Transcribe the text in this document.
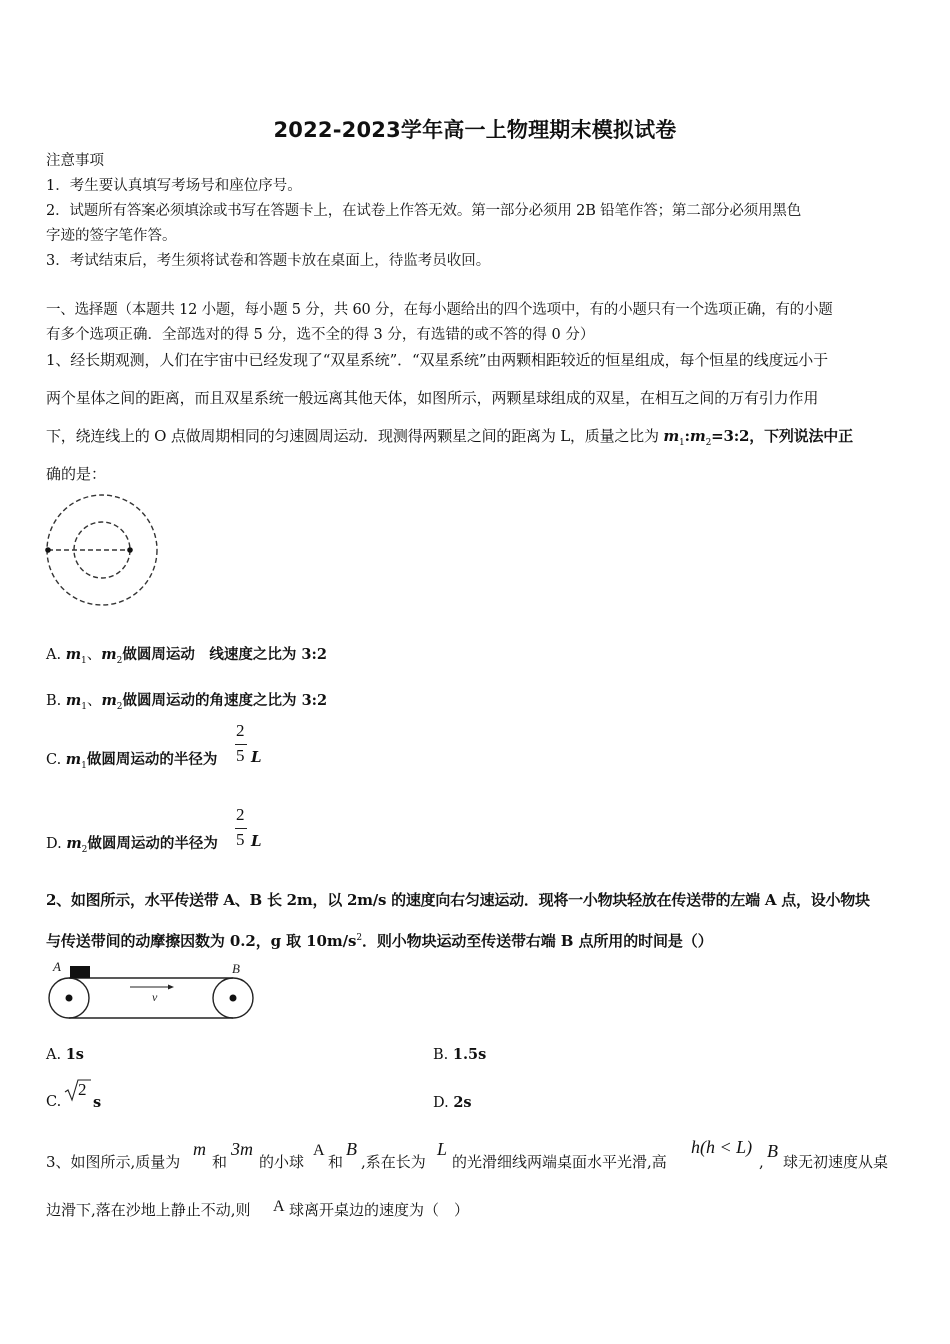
2022-2023学年高一上物理期末模拟试卷
注意事项
1．考生要认真填写考场号和座位序号。
2．试题所有答案必须填涂或书写在答题卡上，在试卷上作答无效。第一部分必须用 2B 铅笔作答；第二部分必须用黑色
字迹的签字笔作答。
3．考试结束后，考生须将试卷和答题卡放在桌面上，待监考员收回。
一、选择题（本题共 12 小题，每小题 5 分，共 60 分，在每小题给出的四个选项中，有的小题只有一个选项正确，有的小题
有多个选项正确．全部选对的得 5 分，选不全的得 3 分，有选错的或不答的得 0 分）
1、经长期观测，人们在宇宙中已经发现了“双星系统”．“双星系统”由两颗相距较近的恒星组成，每个恒星的线度远小于
两个星体之间的距离，而且双星系统一般远离其他天体，如图所示，两颗星球组成的双星，在相互之间的万有引力作用
下，绕连线上的 O 点做周期相同的匀速圆周运动．现测得两颗星之间的距离为 L，质量之比为 $m_1:m_2=3:2$，下列说法中正
确的是：
A. $m_1$、$m_2$做圆周运动　线速度之比为 3:2
B. $m_1$、$m_2$做圆周运动的角速度之比为 3:2
C. $m_1$做圆周运动的半径为
2
5 L
D. $m_2$做圆周运动的半径为
2
5 L
2、如图所示，水平传送带 A、B 长 2m，以 2m/s 的速度向右匀速运动．现将一小物块轻放在传送带的左端 A 点，设小物块
与传送带间的动摩擦因数为 0.2，g 取 $10m/s^2$．则小物块运动至传送带右端 B 点所用的时间是（）
A	B
v
A. 1s	B. 1.5s
C.
2
s	D. 2s
3、如图所示,质量为
m
和
3m
的小球
A
和
B
,系在长为
L
的光滑细线两端桌面水平光滑,高
h(h < L)
,
B
球无初速度从桌
边滑下,落在沙地上静止不动,则 A 球离开桌边的速度为（　）
